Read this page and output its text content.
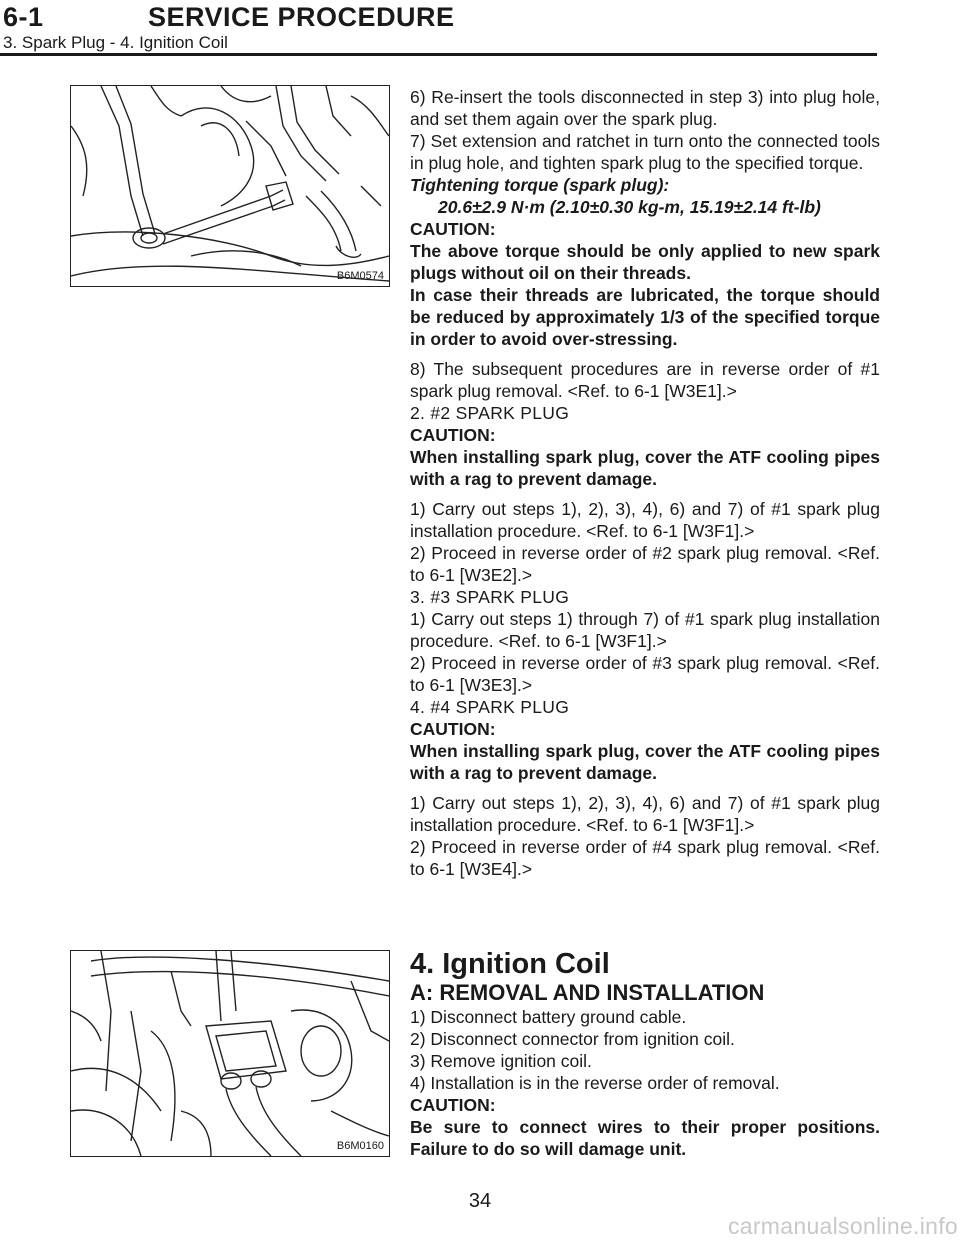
6-1	SERVICE PROCEDURE
3. Spark Plug - 4. Ignition Coil
B6M0574
B6M0160

6) Re-insert the tools disconnected in step 3) into plug hole, and set them again over the spark plug.

7) Set extension and ratchet in turn onto the connected tools in plug hole, and tighten spark plug to the specified torque.

Tightening torque (spark plug):

20.6±2.9 N·m (2.10±0.30 kg-m, 15.19±2.14 ft-lb)

CAUTION:

The above torque should be only applied to new spark plugs without oil on their threads.

In case their threads are lubricated, the torque should be reduced by approximately 1/3 of the specified torque in order to avoid over-stressing.

8) The subsequent procedures are in reverse order of #1 spark plug removal. <Ref. to 6-1 [W3E1].>

2. #2 SPARK PLUG

CAUTION:

When installing spark plug, cover the ATF cooling pipes with a rag to prevent damage.

1) Carry out steps 1), 2), 3), 4), 6) and 7) of #1 spark plug installation procedure. <Ref. to 6-1 [W3F1].>

2) Proceed in reverse order of #2 spark plug removal. <Ref. to 6-1 [W3E2].>

3. #3 SPARK PLUG

1) Carry out steps 1) through 7) of #1 spark plug installation procedure. <Ref. to 6-1 [W3F1].>

2) Proceed in reverse order of #3 spark plug removal. <Ref. to 6-1 [W3E3].>

4. #4 SPARK PLUG

CAUTION:

When installing spark plug, cover the ATF cooling pipes with a rag to prevent damage.

1) Carry out steps 1), 2), 3), 4), 6) and 7) of #1 spark plug installation procedure. <Ref. to 6-1 [W3F1].>

2) Proceed in reverse order of #4 spark plug removal. <Ref. to 6-1 [W3E4].>

4. Ignition Coil

A: REMOVAL AND INSTALLATION

1) Disconnect battery ground cable.

2) Disconnect connector from ignition coil.

3) Remove ignition coil.

4) Installation is in the reverse order of removal.

CAUTION:

Be sure to connect wires to their proper positions. Failure to do so will damage unit.

34
carmanualsonline.info
